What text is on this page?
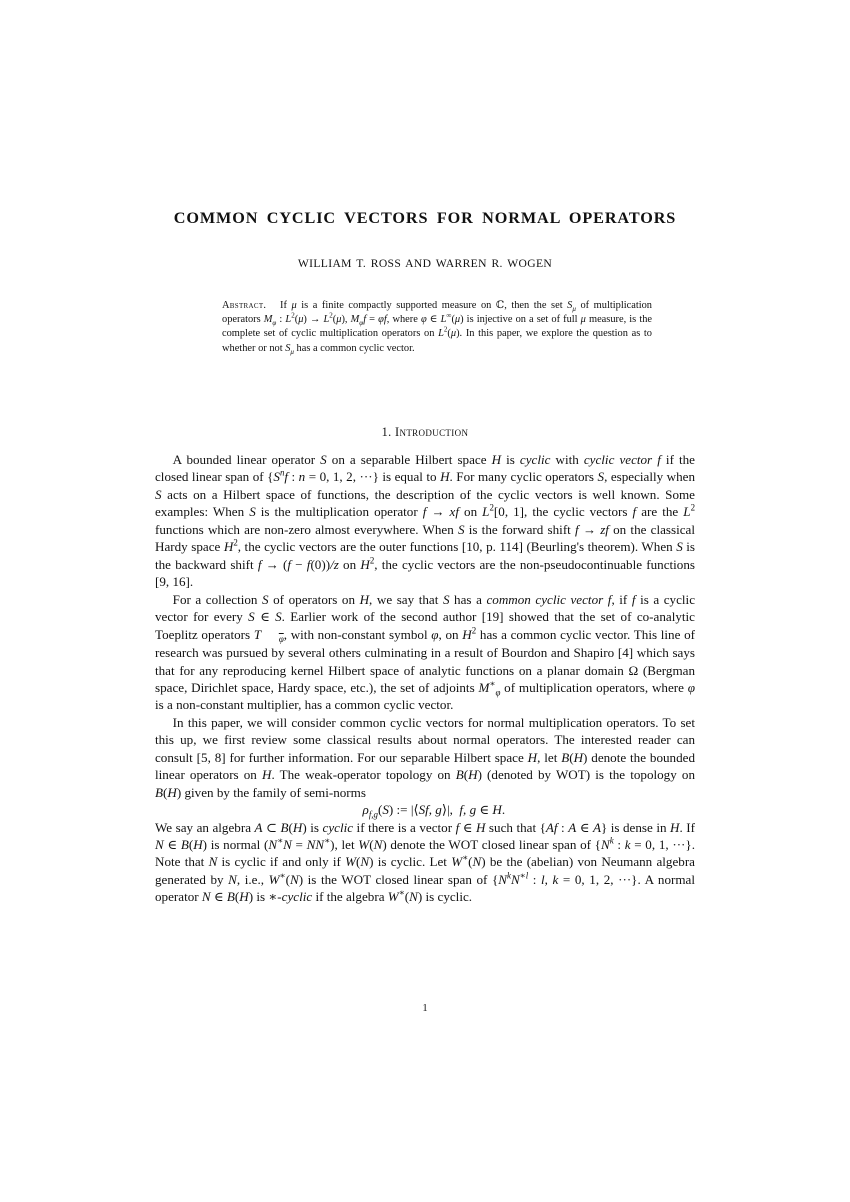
COMMON CYCLIC VECTORS FOR NORMAL OPERATORS
WILLIAM T. ROSS AND WARREN R. WOGEN
Abstract.   If μ is a finite compactly supported measure on ℂ, then the set $S_\mu$ of multiplication operators $M_\varphi$ : $L^2(\mu) \to L^2(\mu)$, $M_\varphi f = \varphi f$, where φ ∈ L∞(μ) is injective on a set of full μ measure, is the complete set of cyclic multiplication operators on $L^2(\mu)$. In this paper, we explore the question as to whether or not $S_\mu$ has a common cyclic vector.
1. Introduction

A bounded linear operator S on a separable Hilbert space H is cyclic with cyclic vector f if the closed linear span of {$S^nf$ : n = 0, 1, 2, ···} is equal to H. For many cyclic operators S, especially when S acts on a Hilbert space of functions, the description of the cyclic vectors is well known. Some examples: When S is the multiplication operator f → xf on $L^2[0$, 1], the cyclic vectors f are the $L^2$ functions which are non-zero almost everywhere. When S is the forward shift f → zf on the classical Hardy space $H^2$, the cyclic vectors are the outer functions [10, p. 114] (Beurling's theorem). When S is the backward shift f → (f − f(0))/z on $H^2$, the cyclic vectors are the non-pseudocontinuable functions [9, 16].

For a collection S of operators on H, we say that S has a common cyclic vector f, if f is a cyclic vector for every S ∈ S. Earlier work of the second author [19] showed that the set of co-analytic Toeplitz operators T $_{\overline{\varphi}}$, with non-constant symbol φ, on $H^2$ has a common cyclic vector. This line of research was pursued by several others culminating in a result of Bourdon and Shapiro [4] which says that for any reproducing kernel Hilbert space of analytic functions on a planar domain Ω (Bergman space, Dirichlet space, Hardy space, etc.), the set of adjoints $M^∗_\varphi$ of multiplication operators, where φ is a non-constant multiplier, has a common cyclic vector.

In this paper, we will consider common cyclic vectors for normal multiplication operators. To set this up, we first review some classical results about normal operators. The interested reader can consult [5, 8] for further information. For our separable Hilbert space H, let B(H) denote the bounded linear operators on H. The weak-operator topology on B(H) (denoted by WOT) is the topology on B(H) given by the family of semi-norms

$\rho_{f,g}(S)$ := |⟨Sf, g⟩|,  f, g ∈ H.

We say an algebra A ⊂ B(H) is cyclic if there is a vector f ∈ H such that {Af : A ∈ A} is dense in H. If N ∈ B(H) is normal (N∗N = NN∗), let W(N) denote the WOT closed linear span of {$N^k$ : k = 0, 1, ···}. Note that N is cyclic if and only if W(N) is cyclic. Let W∗(N) be the (abelian) von Neumann algebra generated by N, i.e., W∗(N) is the WOT closed linear span of {$N^kN^{∗l}$ : l, k = 0, 1, 2, ···}. A normal operator N ∈ B(H) is ∗-cyclic if the algebra W∗(N) is cyclic.

1
